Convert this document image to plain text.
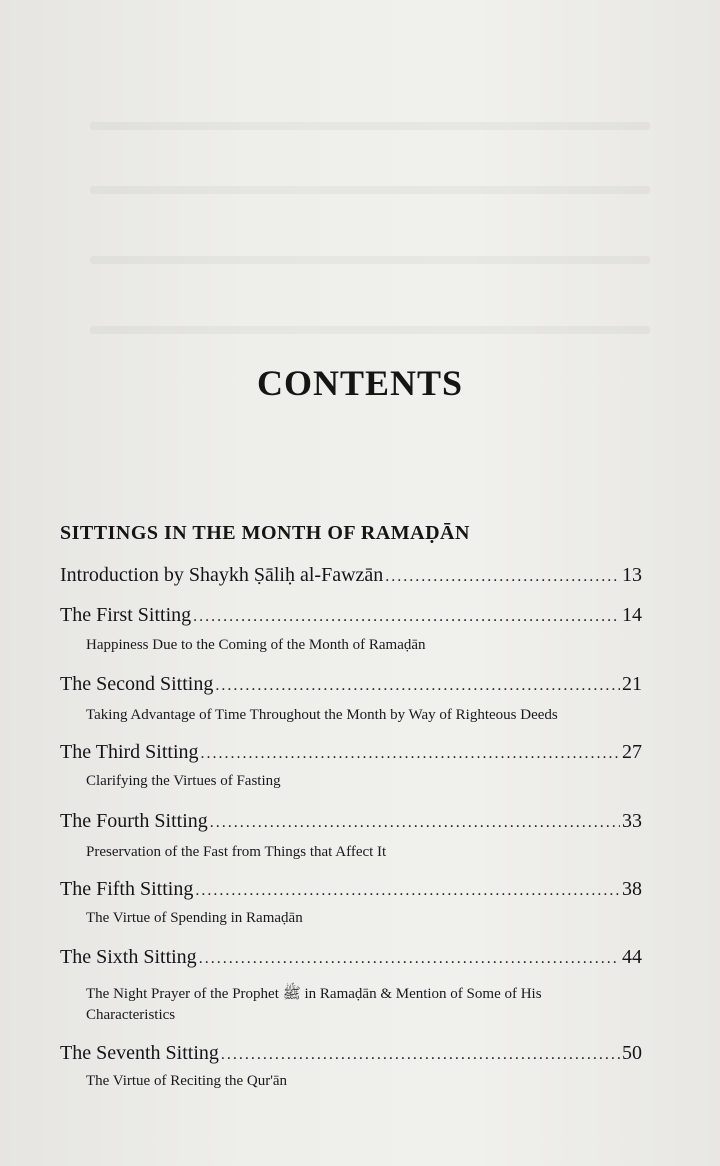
CONTENTS
SITTINGS IN THE MONTH OF RAMAḌĀN
Introduction by Shaykh Ṣāliḥ al-Fawzān .....	13
The First Sitting .....	14
Happiness Due to the Coming of the Month of Ramaḍān
The Second Sitting .....	21
Taking Advantage of Time Throughout the Month by Way of Righteous Deeds
The Third Sitting .....	27
Clarifying the Virtues of Fasting
The Fourth Sitting .....	33
Preservation of the Fast from Things that Affect It
The Fifth Sitting .....	38
The Virtue of Spending in Ramaḍān
The Sixth Sitting .....	44
The Night Prayer of the Prophet ﷺ in Ramaḍān & Mention of Some of His Characteristics
The Seventh Sitting .....	50
The Virtue of Reciting the Qur'ān
